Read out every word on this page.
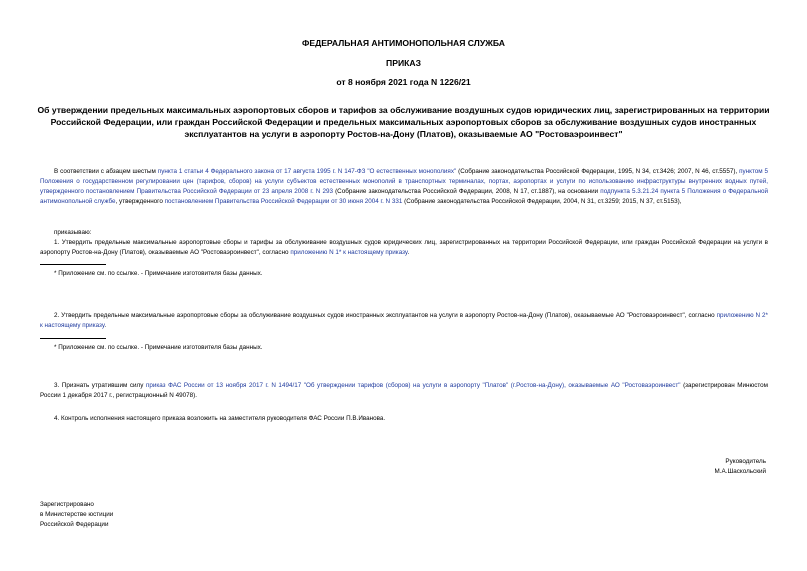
ФЕДЕРАЛЬНАЯ АНТИМОНОПОЛЬНАЯ СЛУЖБА
ПРИКАЗ
от 8 ноября 2021 года N 1226/21
Об утверждении предельных максимальных аэропортовых сборов и тарифов за обслуживание воздушных судов юридических лиц, зарегистрированных на территории Российской Федерации, или граждан Российской Федерации и предельных максимальных аэропортовых сборов за обслуживание воздушных судов иностранных эксплуатантов на услуги в аэропорту Ростов-на-Дону (Платов), оказываемые АО "Ростоваэроинвест"
В соответствии с абзацем шестым пункта 1 статьи 4 Федерального закона от 17 августа 1995 г. N 147-ФЗ "О естественных монополиях" (Собрание законодательства Российской Федерации, 1995, N 34, ст.3426; 2007, N 46, ст.5557), пунктом 5 Положения о государственном регулировании цен (тарифов, сборов) на услуги субъектов естественных монополий в транспортных терминалах, портах, аэропортах и услуги по использованию инфраструктуры внутренних водных путей, утвержденного постановлением Правительства Российской Федерации от 23 апреля 2008 г. N 293 (Собрание законодательства Российской Федерации, 2008, N 17, ст.1887), на основании подпункта 5.3.21.24 пункта 5 Положения о Федеральной антимонопольной службе, утвержденного постановлением Правительства Российской Федерации от 30 июня 2004 г. N 331 (Собрание законодательства Российской Федерации, 2004, N 31, ст.3259; 2015, N 37, ст.5153),
приказываю:
1. Утвердить предельные максимальные аэропортовые сборы и тарифы за обслуживание воздушных судов юридических лиц, зарегистрированных на территории Российской Федерации, или граждан Российской Федерации на услуги в аэропорту Ростов-на-Дону (Платов), оказываемые АО "Ростоваэроинвест", согласно приложению N 1* к настоящему приказу.
* Приложение см. по ссылке. - Примечание изготовителя базы данных.
2. Утвердить предельные максимальные аэропортовые сборы за обслуживание воздушных судов иностранных эксплуатантов на услуги в аэропорту Ростов-на-Дону (Платов), оказываемые АО "Ростоваэроинвест", согласно приложению N 2* к настоящему приказу.
* Приложение см. по ссылке. - Примечание изготовителя базы данных.
3. Признать утратившим силу приказ ФАС России от 13 ноября 2017 г. N 1494/17 "Об утверждении тарифов (сборов) на услуги в аэропорту "Платов" (г.Ростов-на-Дону), оказываемые АО "Ростоваэроинвест" (зарегистрирован Минюстом России 1 декабря 2017 г., регистрационный N 49078).
4. Контроль исполнения настоящего приказа возложить на заместителя руководителя ФАС России П.В.Иванова.
Руководитель
М.А.Шаскольский
Зарегистрировано
в Министерстве юстиции
Российской Федерации
